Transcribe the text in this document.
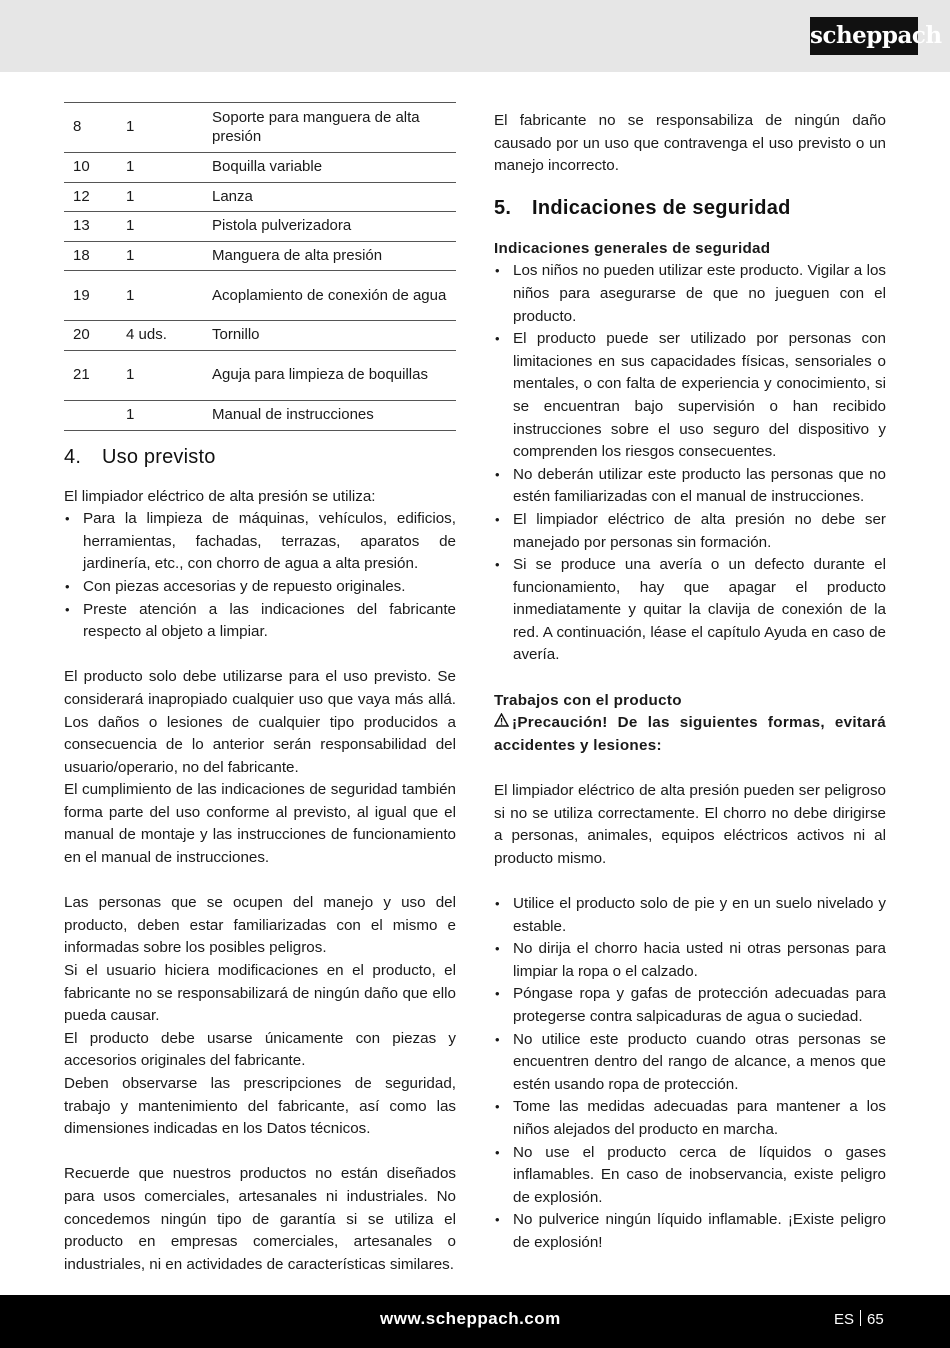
scheppach
8	1	Soporte para manguera de alta presión
10	1	Boquilla variable
12	1	Lanza
13	1	Pistola pulverizadora
18	1	Manguera de alta presión
19	1	Acoplamiento de conexión de agua
20	4 uds.	Tornillo
21	1	Aguja para limpieza de boquillas
	1	Manual de instrucciones
4. Uso previsto

El limpiador eléctrico de alta presión se utiliza:

• Para la limpieza de máquinas, vehículos, edificios, herramientas, fachadas, terrazas, aparatos de jardinería, etc., con chorro de agua a alta presión.
• Con piezas accesorias y de repuesto originales.
• Preste atención a las indicaciones del fabricante respecto al objeto a limpiar.

El producto solo debe utilizarse para el uso previsto. Se considerará inapropiado cualquier uso que vaya más allá. Los daños o lesiones de cualquier tipo producidos a consecuencia de lo anterior serán responsabilidad del usuario/operario, no del fabricante.

El cumplimiento de las indicaciones de seguridad también forma parte del uso conforme al previsto, al igual que el manual de montaje y las instrucciones de funcionamiento en el manual de instrucciones.

Las personas que se ocupen del manejo y uso del producto, deben estar familiarizadas con el mismo e informadas sobre los posibles peligros.

Si el usuario hiciera modificaciones en el producto, el fabricante no se responsabilizará de ningún daño que ello pueda causar.

El producto debe usarse únicamente con piezas y accesorios originales del fabricante.

Deben observarse las prescripciones de seguridad, trabajo y mantenimiento del fabricante, así como las dimensiones indicadas en los Datos técnicos.

Recuerde que nuestros productos no están diseñados para usos comerciales, artesanales ni industriales. No concedemos ningún tipo de garantía si se utiliza el producto en empresas comerciales, artesanales o industriales, ni en actividades de características similares.

El fabricante no se responsabiliza de ningún daño causado por un uso que contravenga el uso previsto o un manejo incorrecto.

5. Indicaciones de seguridad
Indicaciones generales de seguridad
• Los niños no pueden utilizar este producto. Vigilar a los niños para asegurarse de que no jueguen con el producto.
• El producto puede ser utilizado por personas con limitaciones en sus capacidades físicas, sensoriales o mentales, o con falta de experiencia y conocimiento, si se encuentran bajo supervisión o han recibido instrucciones sobre el uso seguro del dispositivo y comprenden los riesgos consecuentes.
• No deberán utilizar este producto las personas que no estén familiarizadas con el manual de instrucciones.
• El limpiador eléctrico de alta presión no debe ser manejado por personas sin formación.
• Si se produce una avería o un defecto durante el funcionamiento, hay que apagar el producto inmediatamente y quitar la clavija de conexión de la red. A continuación, léase el capítulo Ayuda en caso de avería.
Trabajos con el producto

¡Precaución! De las siguientes formas, evitará accidentes y lesiones:

El limpiador eléctrico de alta presión pueden ser peligroso si no se utiliza correctamente. El chorro no debe dirigirse a personas, animales, equipos eléctricos activos ni al producto mismo.

• Utilice el producto solo de pie y en un suelo nivelado y estable.
• No dirija el chorro hacia usted ni otras personas para limpiar la ropa o el calzado.
• Póngase ropa y gafas de protección adecuadas para protegerse contra salpicaduras de agua o suciedad.
• No utilice este producto cuando otras personas se encuentren dentro del rango de alcance, a menos que estén usando ropa de protección.
• Tome las medidas adecuadas para mantener a los niños alejados del producto en marcha.
• No use el producto cerca de líquidos o gases inflamables. En caso de inobservancia, existe peligro de explosión.
• No pulverice ningún líquido inflamable. ¡Existe peligro de explosión!
www.scheppach.com	ES 65
